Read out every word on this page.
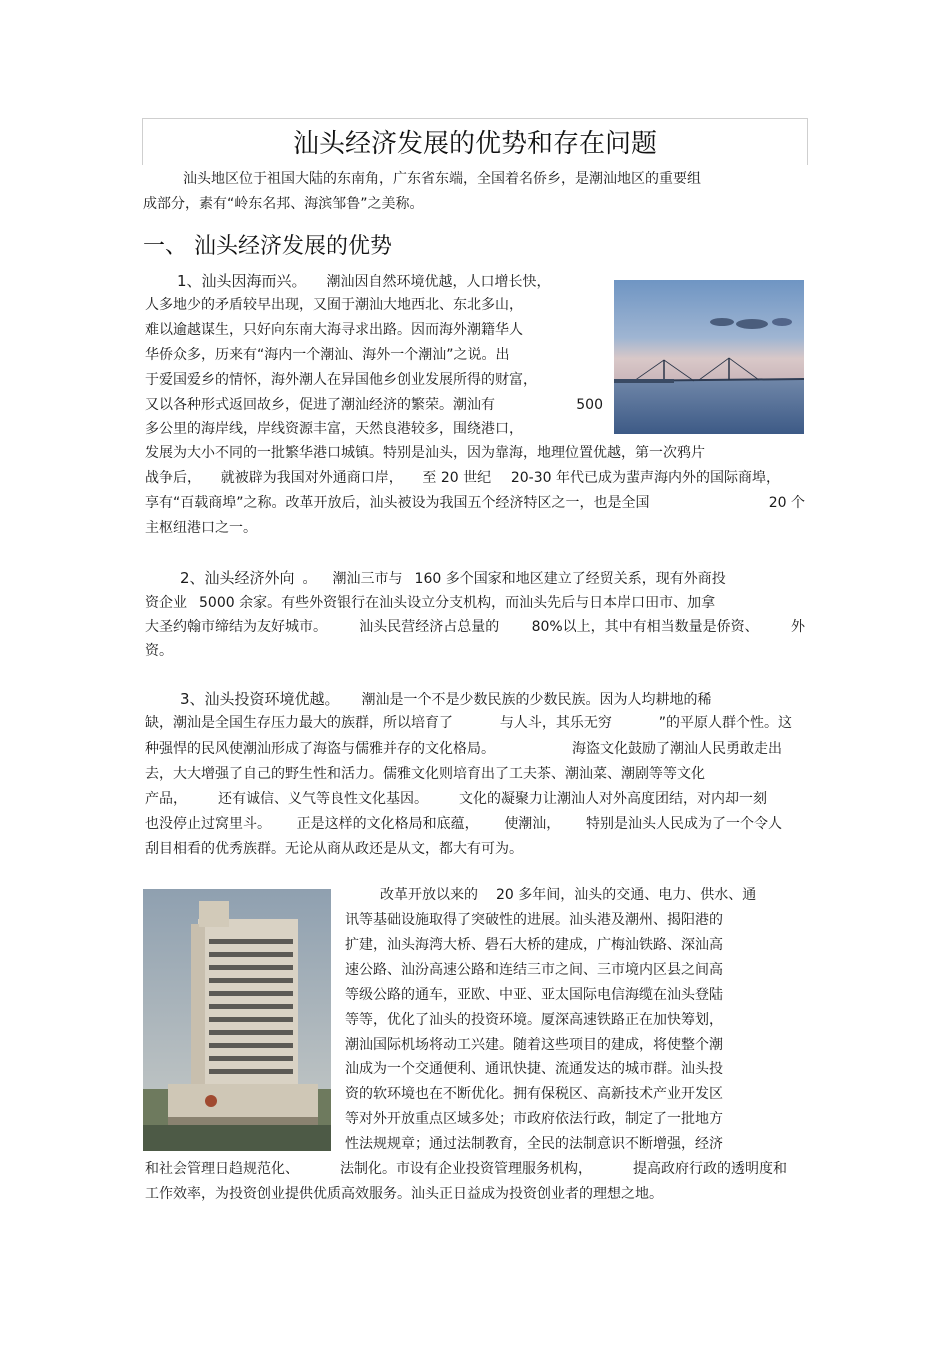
汕头经济发展的优势和存在问题
汕头地区位于祖国大陆的东南角，广东省东端，全国着名侨乡，是潮汕地区的重要组
成部分，素有“岭东名邦、海滨邹鲁”之美称。
一、 汕头经济发展的优势
1、汕头因海而兴。 潮汕因自然环境优越，人口增长快，
人多地少的矛盾较早出现，又囿于潮汕大地西北、东北多山，
难以逾越谋生，只好向东南大海寻求出路。因而海外潮籍华人
华侨众多，历来有“海内一个潮汕、海外一个潮汕”之说。出
于爱国爱乡的情怀，海外潮人在异国他乡创业发展所得的财富，
又以各种形式返回故乡，促进了潮汕经济的繁荣。潮汕有	500
多公里的海岸线，岸线资源丰富，天然良港较多，围绕港口，
发展为大小不同的一批繁华港口城镇。特别是汕头，因为靠海，地理位置优越，第一次鸦片
战争后， 就被辟为我国对外通商口岸， 至 20 世纪 20-30 年代已成为蜚声海内外的国际商埠，
享有“百载商埠”之称。改革开放后，汕头被设为我国五个经济特区之一，也是全国	20 个
主枢纽港口之一。
2、汕头经济外向 。 潮汕三市与 160 多个国家和地区建立了经贸关系，现有外商投
资企业 5000 余家。有些外资银行在汕头设立分支机构，而汕头先后与日本岸口田市、加拿
大圣约翰市缔结为友好城市。 汕头民营经济占总量的 80%以上，其中有相当数量是侨资、 外
资。
3、汕头投资环境优越。 潮汕是一个不是少数民族的少数民族。因为人均耕地的稀
缺，潮汕是全国生存压力最大的族群，所以培育了	与人斗，其乐无穷	”的平原人群个性。这
种强悍的民风使潮汕形成了海盗与儒雅并存的文化格局。	海盗文化鼓励了潮汕人民勇敢走出
去，大大增强了自己的野生性和活力。儒雅文化则培育出了工夫茶、潮汕菜、潮剧等等文化
产品， 还有诚信、义气等良性文化基因。 文化的凝聚力让潮汕人对外高度团结，对内却一刻
也没停止过窝里斗。 正是这样的文化格局和底蕴， 使潮汕， 特别是汕头人民成为了一个令人
刮目相看的优秀族群。无论从商从政还是从文，都大有可为。
改革开放以来的 20 多年间，汕头的交通、电力、供水、通
讯等基础设施取得了突破性的进展。汕头港及潮州、揭阳港的
扩建，汕头海湾大桥、礐石大桥的建成，广梅汕铁路、深汕高
速公路、汕汾高速公路和连结三市之间、三市境内区县之间高
等级公路的通车，亚欧、中亚、亚太国际电信海缆在汕头登陆
等等，优化了汕头的投资环境。厦深高速铁路正在加快筹划，
潮汕国际机场将动工兴建。随着这些项目的建成，将使整个潮
汕成为一个交通便利、通讯快捷、流通发达的城市群。汕头投
资的软环境也在不断优化。拥有保税区、高新技术产业开发区
等对外开放重点区域多处；市政府依法行政，制定了一批地方
性法规规章；通过法制教育，全民的法制意识不断增强，经济
和社会管理日趋规范化、	法制化。市设有企业投资管理服务机构，	提高政府行政的透明度和
工作效率，为投资创业提供优质高效服务。汕头正日益成为投资创业者的理想之地。
